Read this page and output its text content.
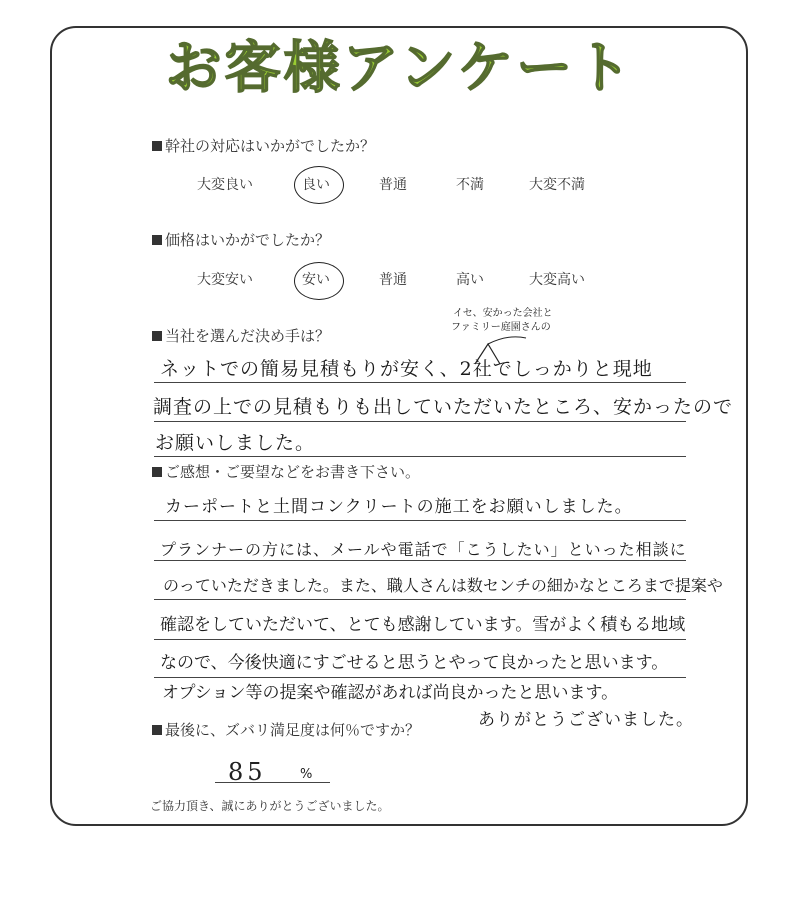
お客様アンケート
幹社の対応はいかがでしたか？
大変良い	良い	普通	不満	大変不満
価格はいかがでしたか？
大変安い	安い	普通	高い	大変高い
当社を選んだ決め手は？
イセ、安かった会社と
ファミリー庭園さんの
ネットでの簡易見積もりが安く、2社でしっかりと現地
調査の上での見積もりも出していただいたところ、安かったので
お願いしました。
ご感想・ご要望などをお書き下さい。
カーポートと土間コンクリートの施工をお願いしました。
プランナーの方には、メールや電話で「こうしたい」といった相談に
のっていただきました。また、職人さんは数センチの細かなところまで提案や
確認をしていただいて、とても感謝しています。雪がよく積もる地域
なので、今後快適にすごせると思うとやって良かったと思います。
オプション等の提案や確認があれば尚良かったと思います。
ありがとうございました。
最後に、ズバリ満足度は何％ですか？
85	%
ご協力頂き、誠にありがとうございました。
